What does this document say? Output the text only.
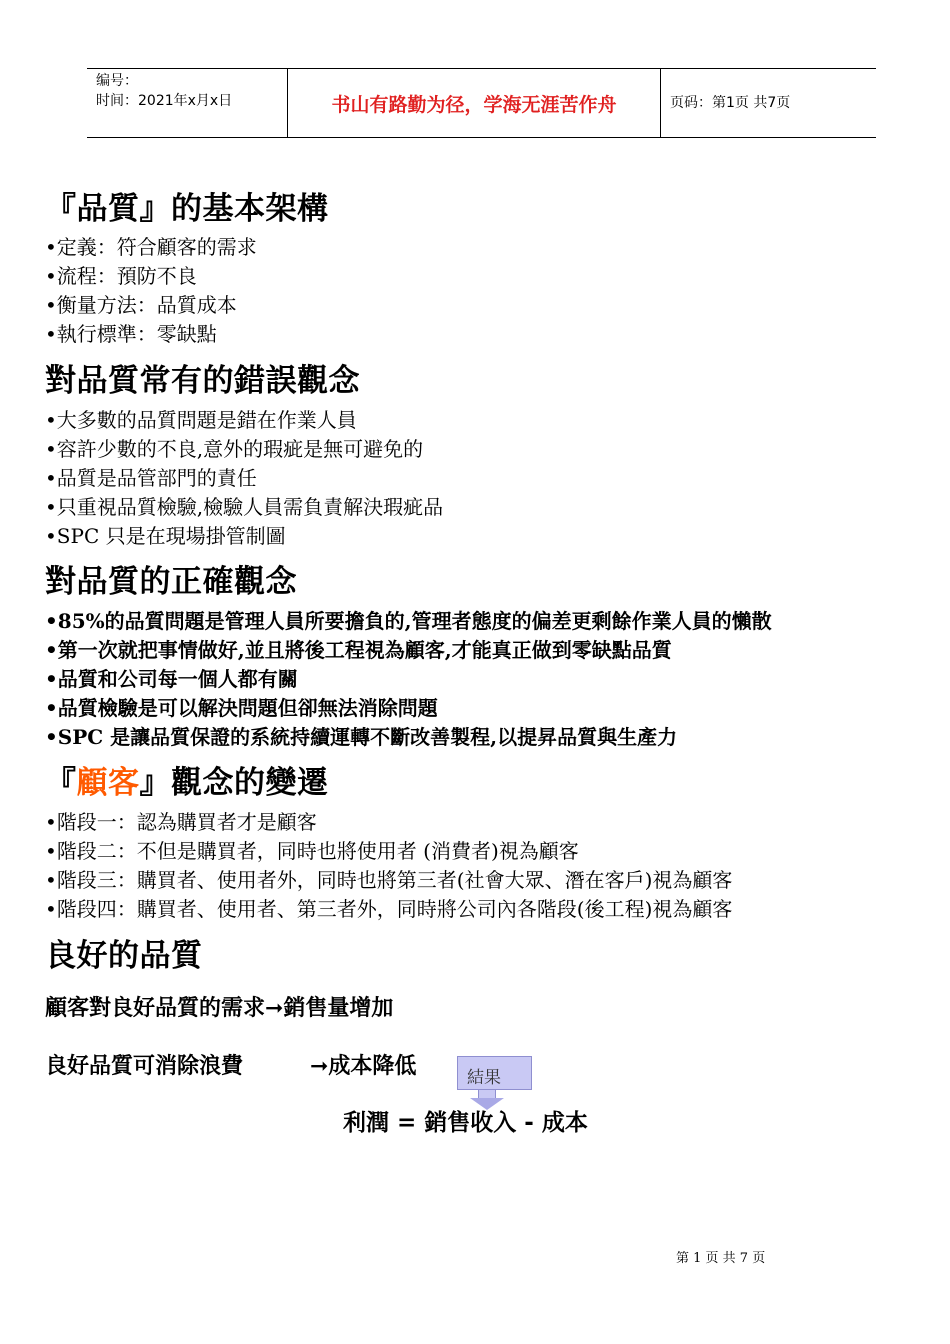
编号：
时间：2021年x月x日	书山有路勤为径，学海无涯苦作舟	页码：第1页 共7页
『品質』的基本架構
•定義：符合顧客的需求
•流程：預防不良
•衡量方法：品質成本
•執行標準：零缺點
對品質常有的錯誤觀念
•大多數的品質問題是錯在作業人員
•容許少數的不良,意外的瑕疵是無可避免的
•品質是品管部門的責任
•只重視品質檢驗,檢驗人員需負責解決瑕疵品
•SPC 只是在現場掛管制圖
對品質的正確觀念
•85%的品質問題是管理人員所要擔負的,管理者態度的偏差更剩餘作業人員的懶散
•第一次就把事情做好,並且將後工程視為顧客,才能真正做到零缺點品質
•品質和公司每一個人都有關
•品質檢驗是可以解決問題但卻無法消除問題
•SPC 是讓品質保證的系統持續運轉不斷改善製程,以提昇品質與生產力
『顧客』觀念的變遷
•階段一：認為購買者才是顧客
•階段二：不但是購買者，同時也將使用者 (消費者)視為顧客
•階段三：購買者、使用者外，同時也將第三者(社會大眾、潛在客戶)視為顧客
•階段四：購買者、使用者、第三者外，同時將公司內各階段(後工程)視為顧客
良好的品質
顧客對良好品質的需求➞銷售量增加
良好品質可消除浪費	➞成本降低	結果
利潤 = 銷售收入 - 成本
第 1 页 共 7 页
